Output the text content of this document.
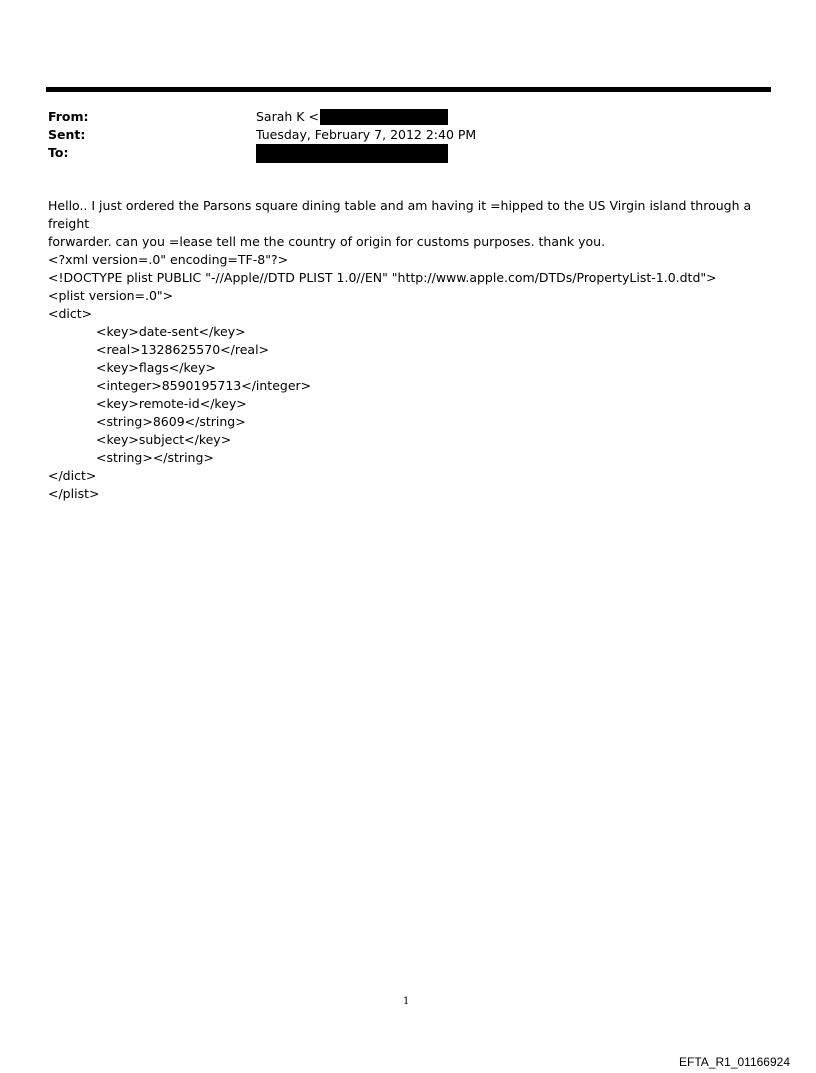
From:	Sarah K <
Sent:	Tuesday, February 7, 2012 2:40 PM
To:

Hello.. I just ordered the Parsons square dining table and am having it =hipped to the US Virgin island through a freight

forwarder. can you =lease tell me the country of origin for customs purposes. thank you.

<?xml version=.0" encoding=TF-8"?>
<!DOCTYPE plist PUBLIC "-//Apple//DTD PLIST 1.0//EN" "http://www.apple.com/DTDs/PropertyList-1.0.dtd">
<plist version=.0">
<dict>
<key>date-sent</key>
<real>1328625570</real>
<key>flags</key>
<integer>8590195713</integer>
<key>remote-id</key>
<string>8609</string>
<key>subject</key>
<string></string>
</dict>
</plist>
1
EFTA_R1_01166924
